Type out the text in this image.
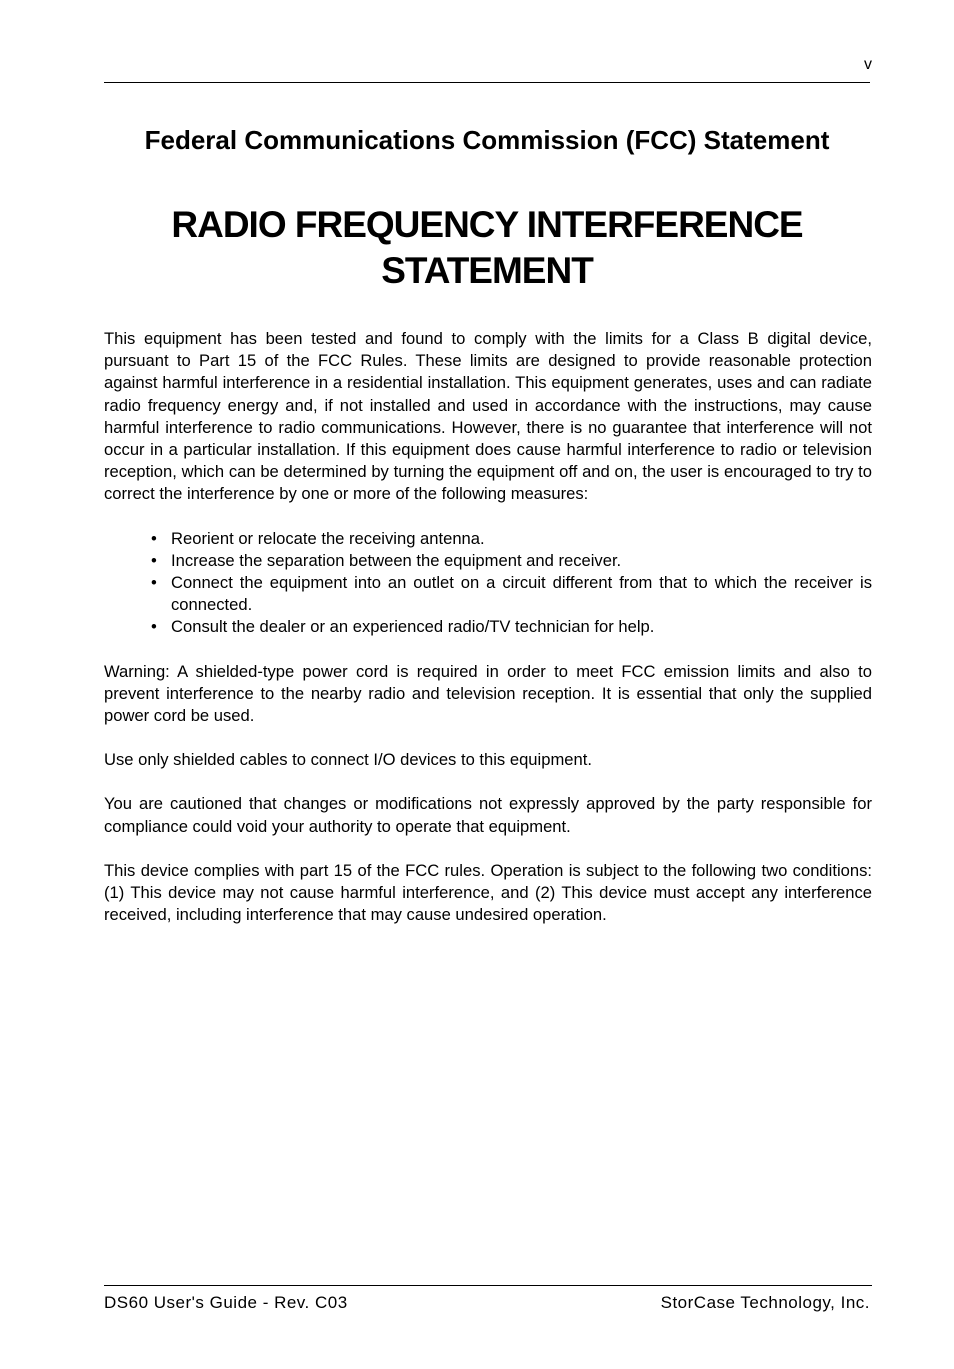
v
Federal Communications Commission (FCC) Statement
RADIO FREQUENCY INTERFERENCE
STATEMENT

This equipment has been tested and found to comply with the limits for a Class B digital device, pursuant to Part 15 of the FCC Rules. These limits are designed to provide reasonable protection against harmful interference in a residential installation. This equipment generates, uses and can radiate radio frequency energy and, if not installed and used in accordance with the instructions, may cause harmful interference to radio communications. However, there is no guarantee that interference will not occur in a particular installation. If this equipment does cause harmful interference to radio or television reception, which can be determined by turning the equipment off and on, the user is encouraged to try to correct the interference by one or more of the following measures:

• Reorient or relocate the receiving antenna.
• Increase the separation between the equipment and receiver.
• Connect the equipment into an outlet on a circuit different from that to which the receiver is connected.
• Consult the dealer or an experienced radio/TV technician for help.

Warning: A shielded-type power cord is required in order to meet FCC emission limits and also to prevent interference to the nearby radio and television reception. It is essential that only the supplied power cord be used.

Use only shielded cables to connect I/O devices to this equipment.

You are cautioned that changes or modifications not expressly approved by the party responsible for compliance could void your authority to operate that equipment.

This device complies with part 15 of the FCC rules. Operation is subject to the following two conditions: (1) This device may not cause harmful interference, and (2) This device must accept any interference received, including interference that may cause undesired operation.

DS60 User's Guide - Rev. C03	StorCase Technology, Inc.
